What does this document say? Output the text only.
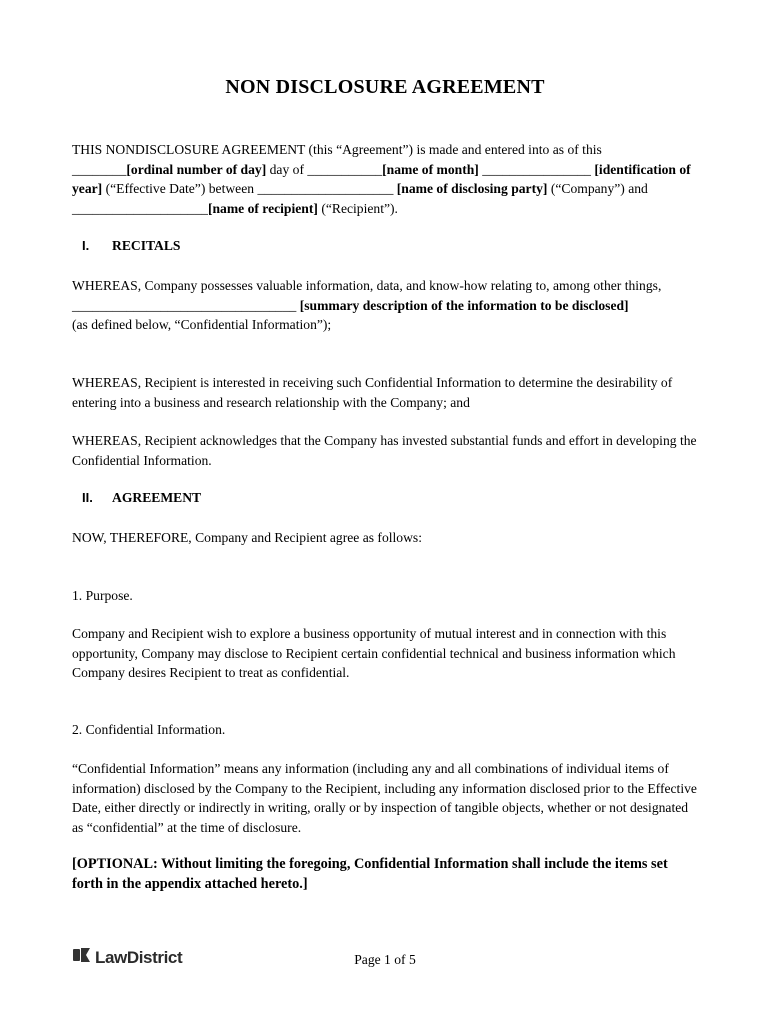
NON DISCLOSURE AGREEMENT
THIS NONDISCLOSURE AGREEMENT (this “Agreement”) is made and entered into as of this ________[ordinal number of day] day of ___________[name of month] ________________ [identification of year] (“Effective Date”) between ____________________ [name of disclosing party] (“Company”) and ____________________[name of recipient] (“Recipient”).
I. RECITALS
WHEREAS, Company possesses valuable information, data, and know-how relating to, among other things,
_________________________________ [summary description of the information to be disclosed]
(as defined below, “Confidential Information”);
WHEREAS, Recipient is interested in receiving such Confidential Information to determine the desirability of entering into a business and research relationship with the Company; and
WHEREAS, Recipient acknowledges that the Company has invested substantial funds and effort in developing the Confidential Information.
II. AGREEMENT
NOW, THEREFORE, Company and Recipient agree as follows:
1. Purpose.
Company and Recipient wish to explore a business opportunity of mutual interest and in connection with this opportunity, Company may disclose to Recipient certain confidential technical and business information which Company desires Recipient to treat as confidential.
2. Confidential Information.
“Confidential Information” means any information (including any and all combinations of individual items of information) disclosed by the Company to the Recipient, including any information disclosed prior to the Effective Date, either directly or indirectly in writing, orally or by inspection of tangible objects, whether or not designated as “confidential” at the time of disclosure.
[OPTIONAL: Without limiting the foregoing, Confidential Information shall include the items set forth in the appendix attached hereto.]
LawDistrict	Page 1 of 5
